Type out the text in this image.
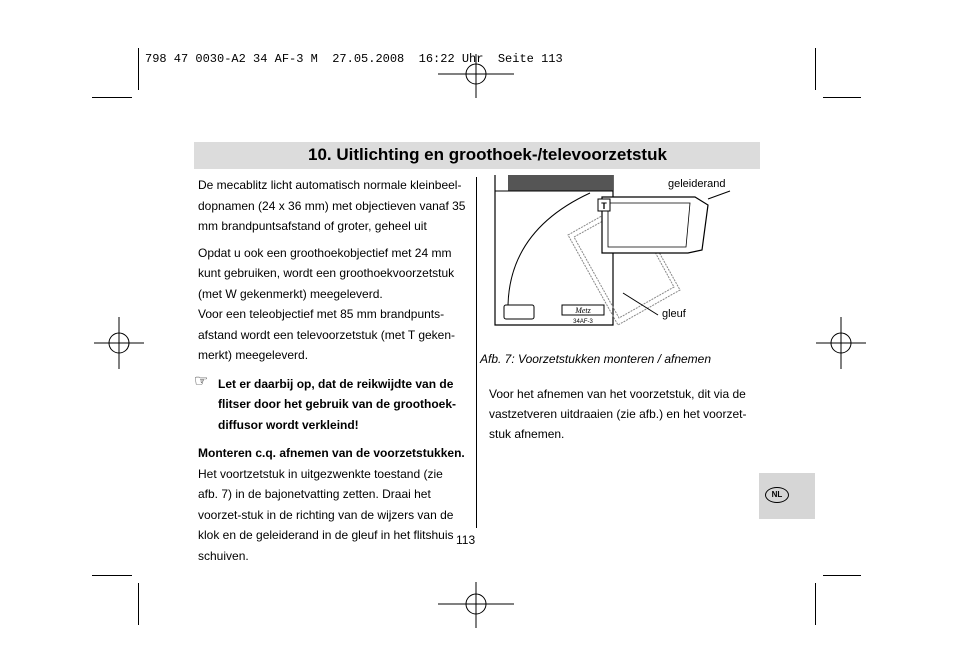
798 47 0030-A2 34 AF-3 M  27.05.2008  16:22 Uhr  Seite 113
10. Uitlichting en groothoek-/televoorzetstuk

De mecablitz licht automatisch normale kleinbeel-dopnamen (24 x 36 mm) met objectieven vanaf 35 mm brandpuntsafstand of groter, geheel uit

Opdat u ook een groothoekobjectief met 24 mm kunt gebruiken, wordt een groothoekvoorzetstuk (met W gekenmerkt) meegeleverd.

Voor een teleobjectief met 85 mm brandpunts-afstand wordt een televoorzetstuk (met T geken-merkt) meegeleverd.

☞ Let er daarbij op, dat de reikwijdte van de flitser door het gebruik van de groothoek-diffusor wordt verkleind!

Monteren c.q. afnemen van de voorzetstukken.

Het voortzetstuk in uitgezwenkte toestand (zie afb. 7) in de bajonetvatting zetten. Draai het voorzet-stuk in de richting van de wijzers van de klok en de geleiderand in de gleuf in het flitshuis schuiven.

Metz
34AF-3
T
geleiderand
gleuf
Afb. 7: Voorzetstukken monteren / afnemen
Voor het afnemen van het voorzetstuk, dit via de vastzetveren uitdraaien (zie afb.) en het voorzet-stuk afnemen.
113
NL
